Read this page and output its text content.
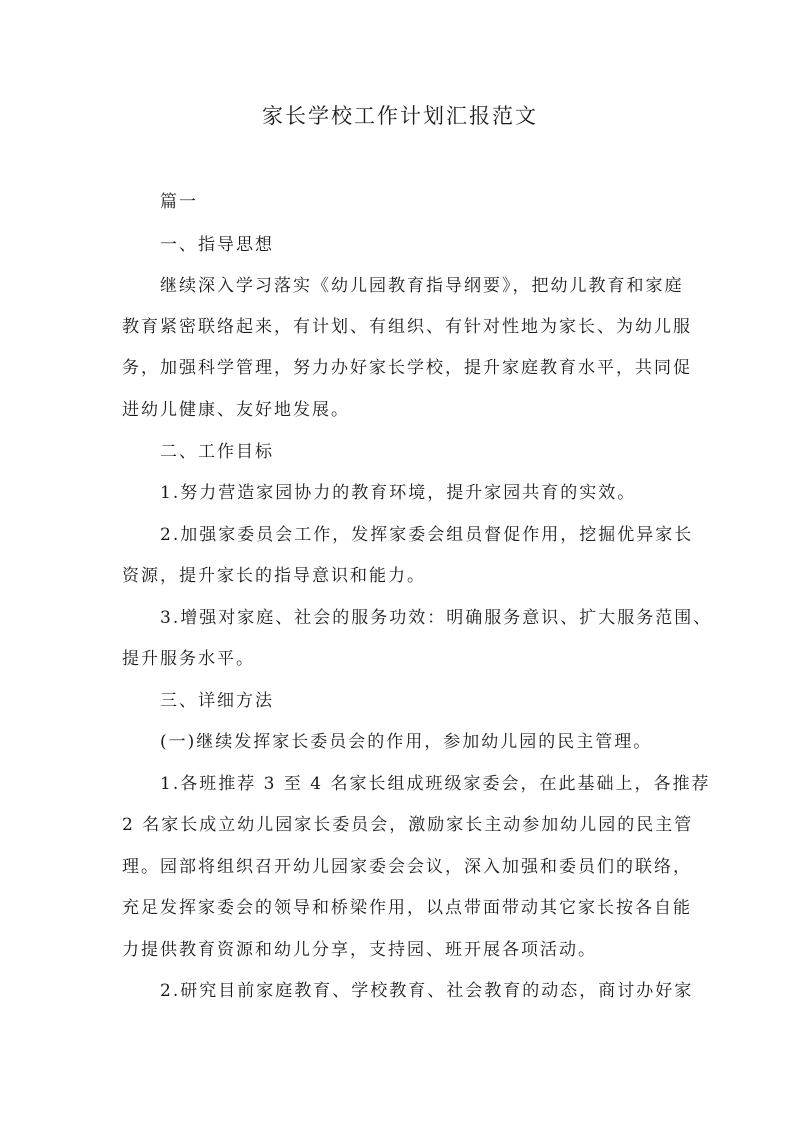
家长学校工作计划汇报范文
篇一
一、指导思想
继续深入学习落实《幼儿园教育指导纲要》，把幼儿教育和家庭
教育紧密联络起来，有计划、有组织、有针对性地为家长、为幼儿服
务，加强科学管理，努力办好家长学校，提升家庭教育水平，共同促
进幼儿健康、友好地发展。
二、工作目标
1.努力营造家园协力的教育环境，提升家园共育的实效。
2.加强家委员会工作，发挥家委会组员督促作用，挖掘优异家长
资源，提升家长的指导意识和能力。
3.增强对家庭、社会的服务功效：明确服务意识、扩大服务范围、
提升服务水平。
三、详细方法
(一)继续发挥家长委员会的作用，参加幼儿园的民主管理。
1.各班推荐 3 至 4 名家长组成班级家委会，在此基础上，各推荐
2 名家长成立幼儿园家长委员会，激励家长主动参加幼儿园的民主管
理。园部将组织召开幼儿园家委会会议，深入加强和委员们的联络，
充足发挥家委会的领导和桥梁作用，以点带面带动其它家长按各自能
力提供教育资源和幼儿分享，支持园、班开展各项活动。
2.研究目前家庭教育、学校教育、社会教育的动态，商讨办好家
